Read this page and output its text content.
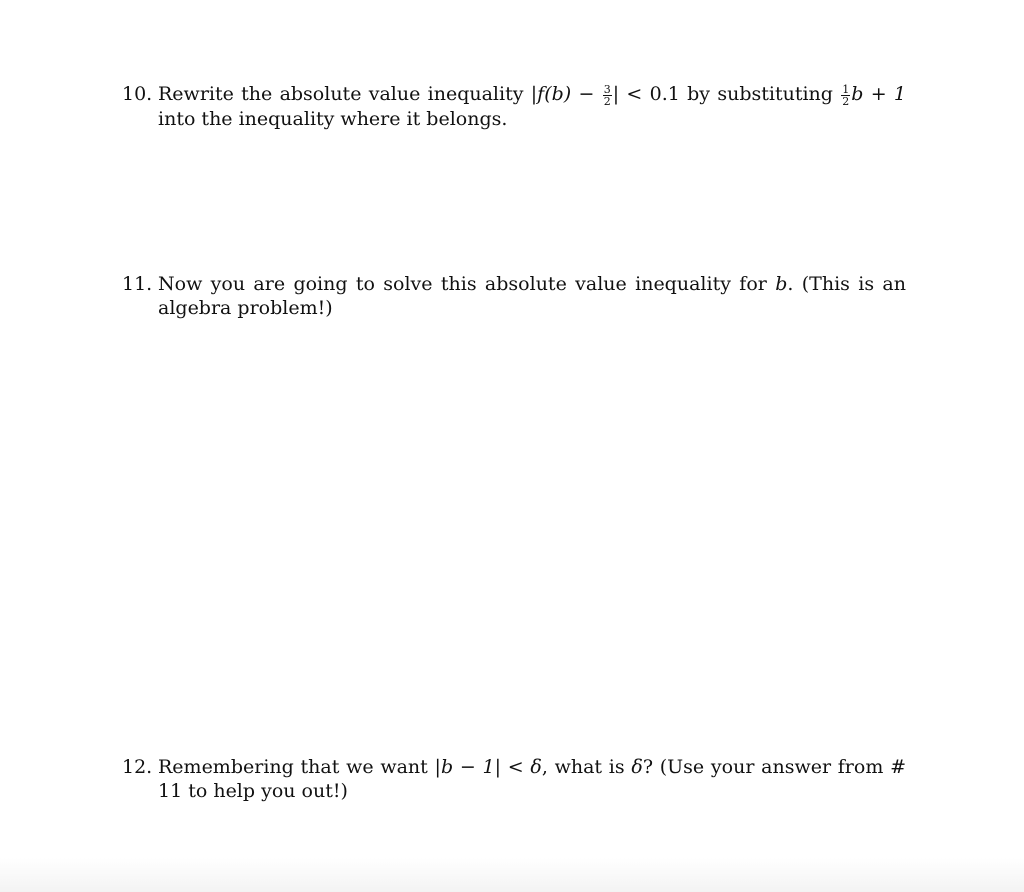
10. Rewrite the absolute value inequality $|f(b) - \frac{3}{2}$ | < 0.1 by substituting $\frac{1}{2}$ b + 1 into the inequality where it belongs.
11. Now you are going to solve this absolute value inequality for b. (This is an algebra problem!)
12. Remembering that we want |b − 1| < δ, what is δ? (Use your answer from # 11 to help you out!)
